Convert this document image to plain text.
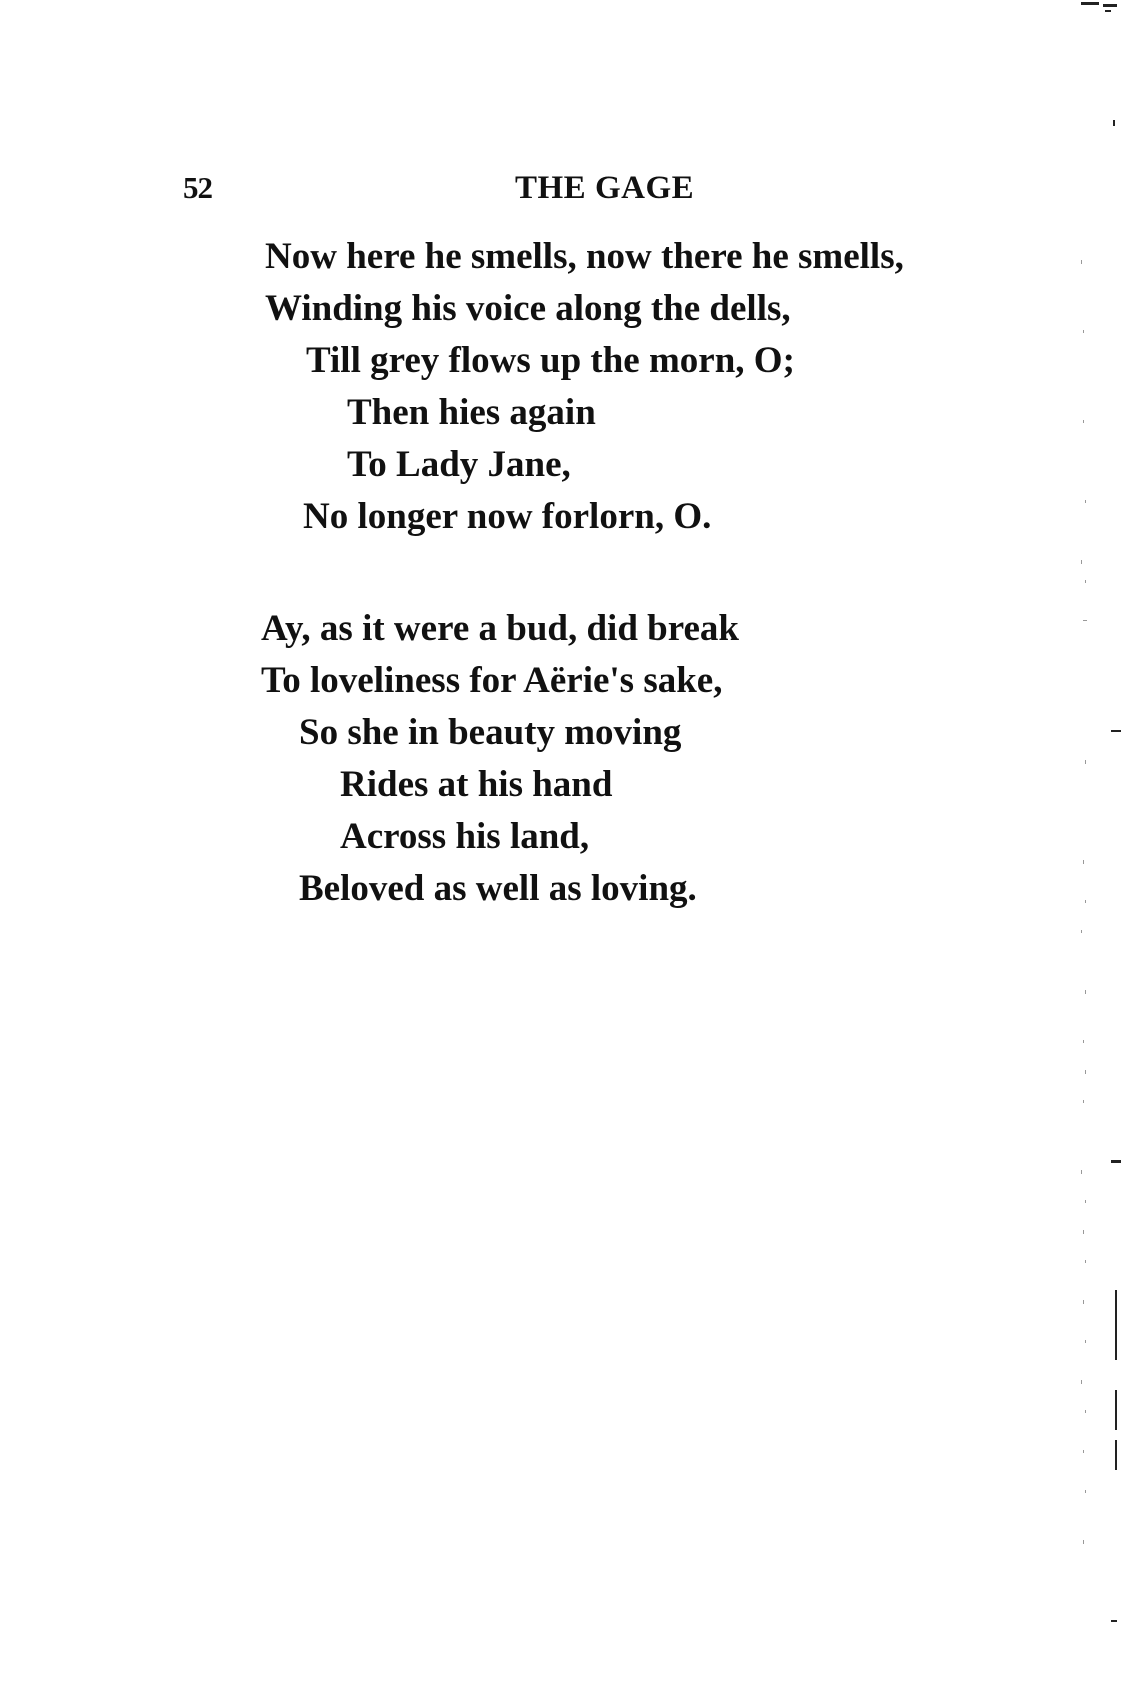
52	THE GAGE
Now here he smells, now there he smells,
Winding his voice along the dells,
Till grey flows up the morn, O;
Then hies again
To Lady Jane,
No longer now forlorn, O.
Ay, as it were a bud, did break
To loveliness for Aërie's sake,
So she in beauty moving
Rides at his hand
Across his land,
Beloved as well as loving.
